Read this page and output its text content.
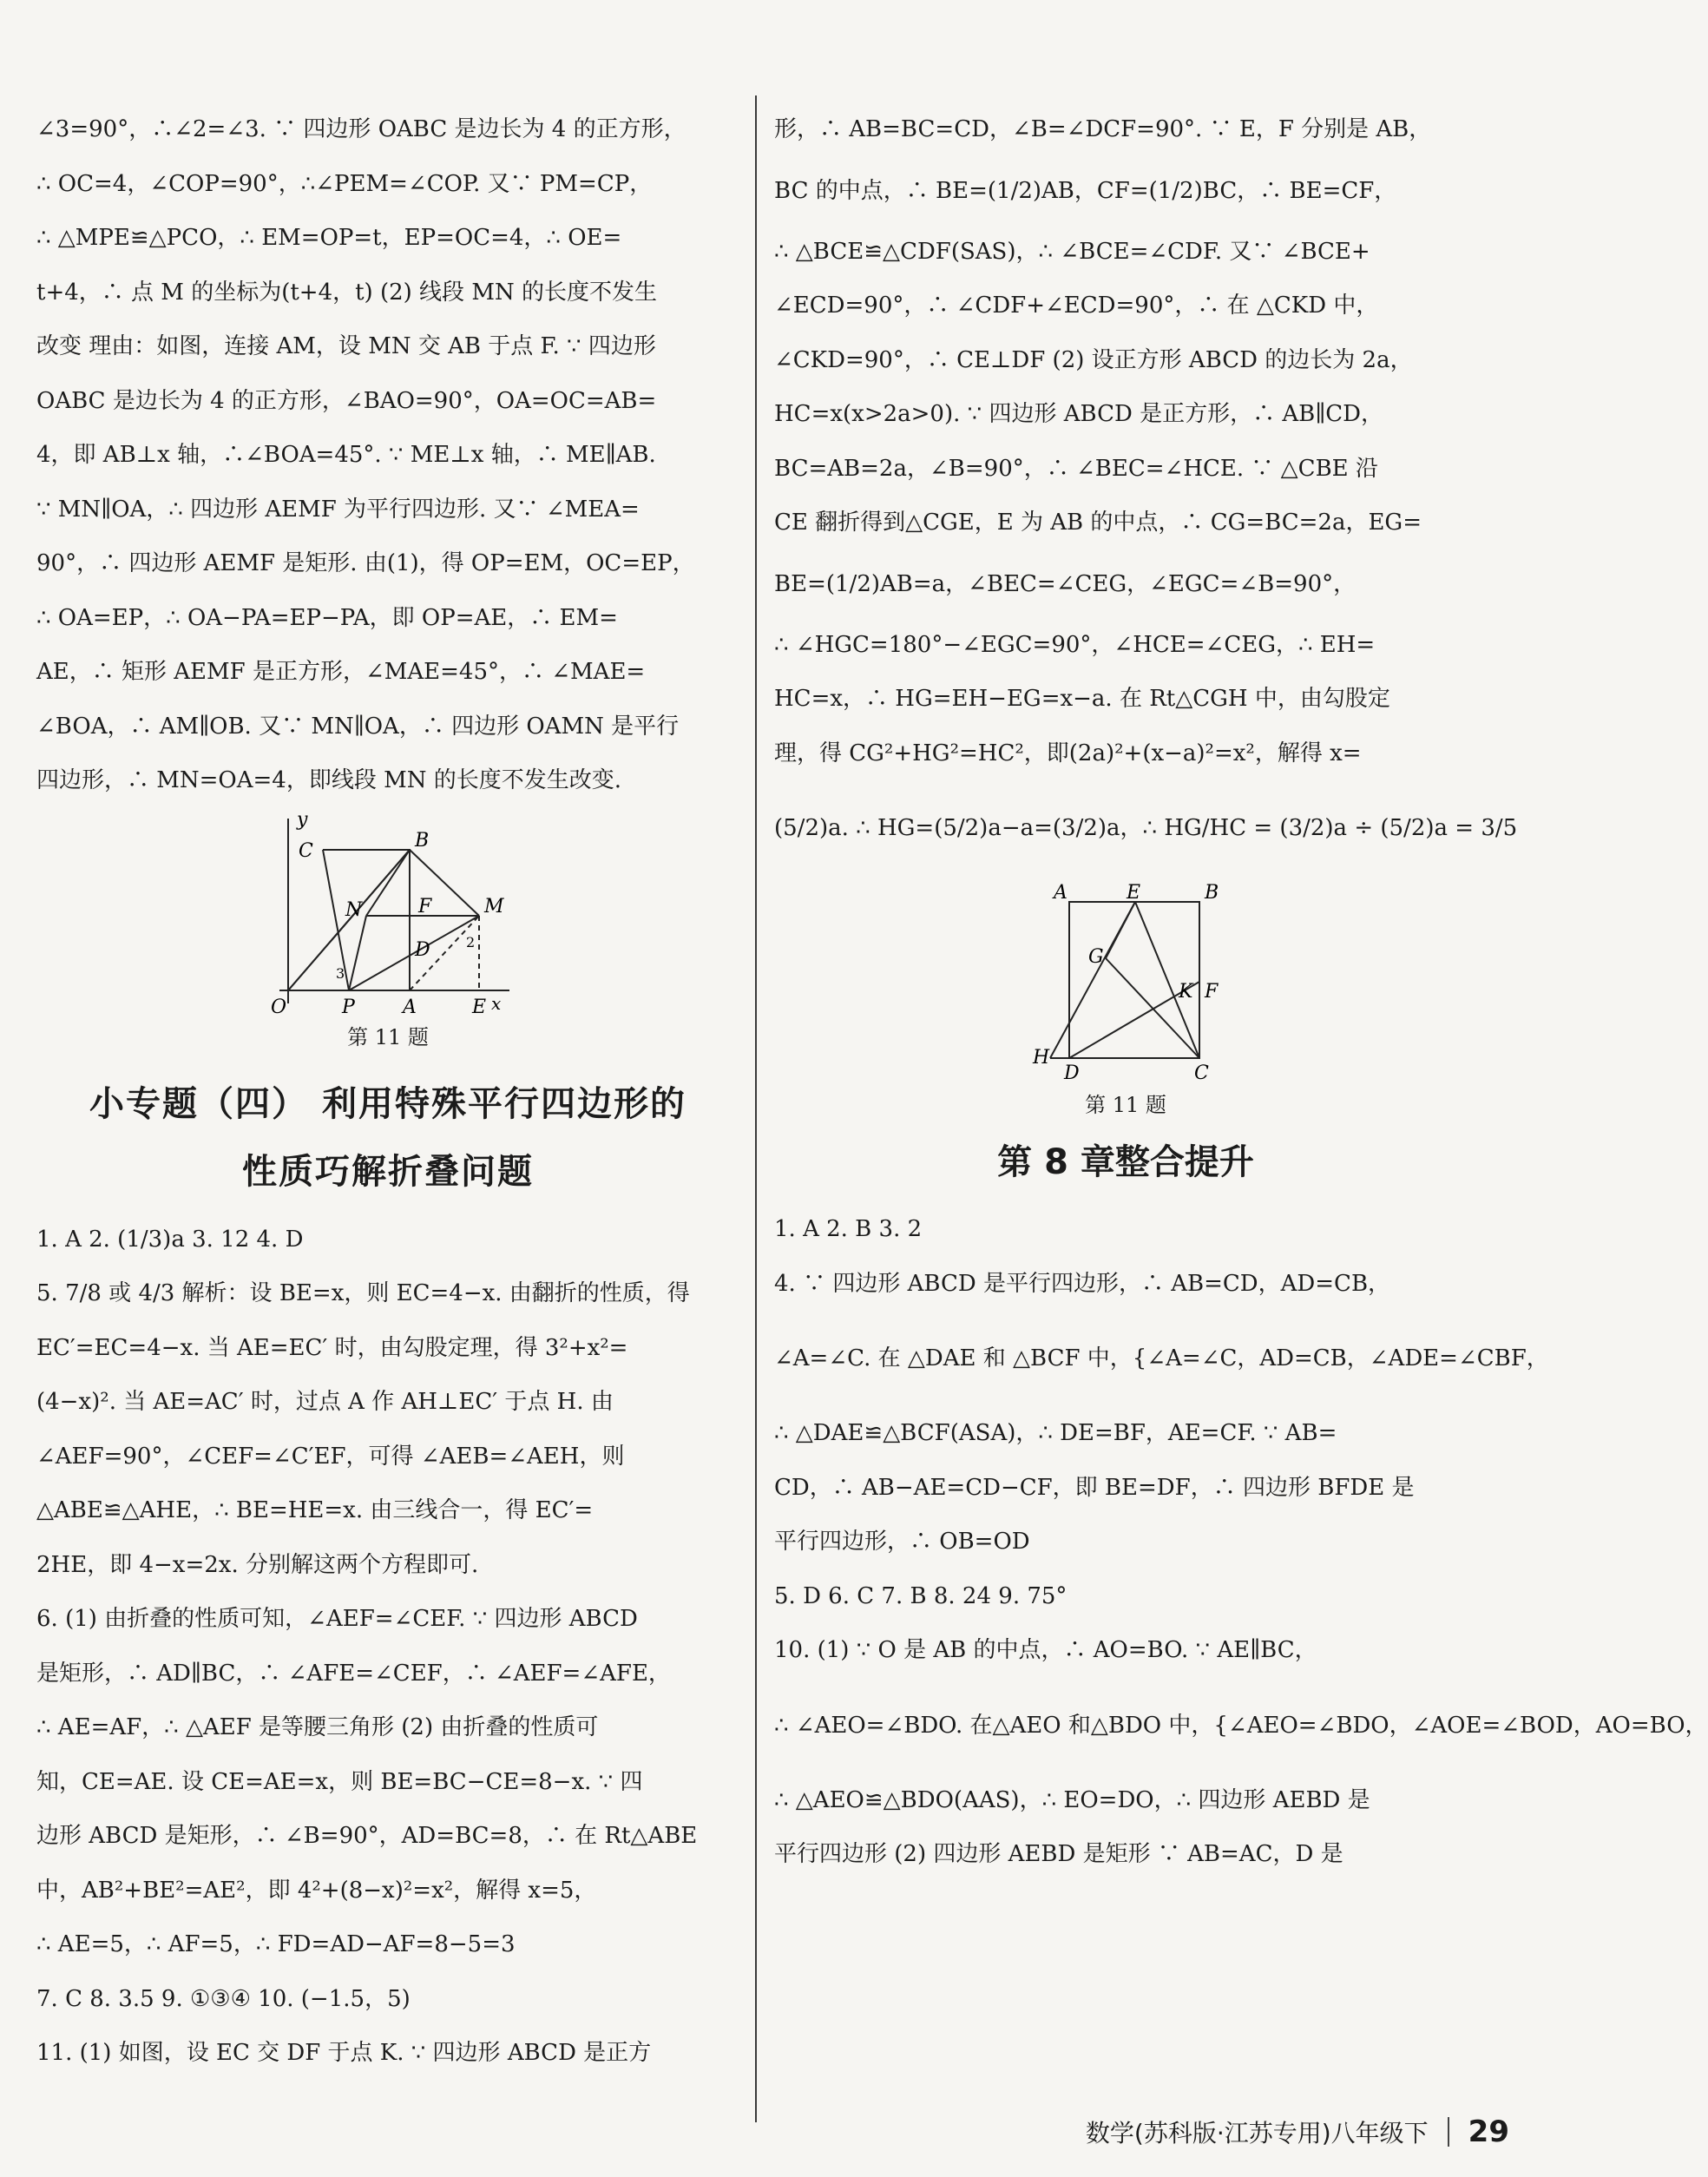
∠3=90°，∴∠2=∠3. ∵ 四边形 OABC 是边长为 4 的正方形，

∴ OC=4，∠COP=90°，∴∠PEM=∠COP. 又∵ PM=CP，

∴ △MPE≌△PCO，∴ EM=OP=t，EP=OC=4，∴ OE=

t+4，∴ 点 M 的坐标为(t+4，t) (2) 线段 MN 的长度不发生

改变 理由：如图，连接 AM，设 MN 交 AB 于点 F. ∵ 四边形

OABC 是边长为 4 的正方形，∠BAO=90°，OA=OC=AB=

4，即 AB⊥x 轴，∴∠BOA=45°. ∵ ME⊥x 轴，∴ ME∥AB.

∵ MN∥OA，∴ 四边形 AEMF 为平行四边形. 又∵ ∠MEA=

90°，∴ 四边形 AEMF 是矩形. 由(1)，得 OP=EM，OC=EP，

∴ OA=EP，∴ OA−PA=EP−PA，即 OP=AE，∴ EM=

AE，∴ 矩形 AEMF 是正方形，∠MAE=45°，∴ ∠MAE=

∠BOA，∴ AM∥OB. 又∵ MN∥OA，∴ 四边形 OAMN 是平行

四边形，∴ MN=OA=4，即线段 MN 的长度不发生改变.

y
C	B
N	F	M
D	2
3
O	P	A	E x
第 11 题
小专题（四） 利用特殊平行四边形的
性质巧解折叠问题

1. A 2. (1/3)a 3. 12 4. D

5. 7/8 或 4/3 解析：设 BE=x，则 EC=4−x. 由翻折的性质，得

EC′=EC=4−x. 当 AE=EC′ 时，由勾股定理，得 3²+x²=

(4−x)². 当 AE=AC′ 时，过点 A 作 AH⊥EC′ 于点 H. 由

∠AEF=90°，∠CEF=∠C′EF，可得 ∠AEB=∠AEH，则

△ABE≌△AHE，∴ BE=HE=x. 由三线合一，得 EC′=

2HE，即 4−x=2x. 分别解这两个方程即可.

6. (1) 由折叠的性质可知，∠AEF=∠CEF. ∵ 四边形 ABCD

是矩形，∴ AD∥BC，∴ ∠AFE=∠CEF，∴ ∠AEF=∠AFE，

∴ AE=AF，∴ △AEF 是等腰三角形 (2) 由折叠的性质可

知，CE=AE. 设 CE=AE=x，则 BE=BC−CE=8−x. ∵ 四

边形 ABCD 是矩形，∴ ∠B=90°，AD=BC=8，∴ 在 Rt△ABE

中，AB²+BE²=AE²，即 4²+(8−x)²=x²，解得 x=5，

∴ AE=5，∴ AF=5，∴ FD=AD−AF=8−5=3

7. C 8. 3.5 9. ①③④ 10. (−1.5，5)

11. (1) 如图，设 EC 交 DF 于点 K. ∵ 四边形 ABCD 是正方

形，∴ AB=BC=CD，∠B=∠DCF=90°. ∵ E，F 分别是 AB，

BC 的中点，∴ BE=(1/2)AB，CF=(1/2)BC，∴ BE=CF，

∴ △BCE≌△CDF(SAS)，∴ ∠BCE=∠CDF. 又∵ ∠BCE+

∠ECD=90°，∴ ∠CDF+∠ECD=90°，∴ 在 △CKD 中，

∠CKD=90°，∴ CE⊥DF (2) 设正方形 ABCD 的边长为 2a，

HC=x(x>2a>0). ∵ 四边形 ABCD 是正方形，∴ AB∥CD，

BC=AB=2a，∠B=90°，∴ ∠BEC=∠HCE. ∵ △CBE 沿

CE 翻折得到△CGE，E 为 AB 的中点，∴ CG=BC=2a，EG=

BE=(1/2)AB=a，∠BEC=∠CEG，∠EGC=∠B=90°，

∴ ∠HGC=180°−∠EGC=90°，∠HCE=∠CEG，∴ EH=

HC=x，∴ HG=EH−EG=x−a. 在 Rt△CGH 中，由勾股定

理，得 CG²+HG²=HC²，即(2a)²+(x−a)²=x²，解得 x=

(5/2)a. ∴ HG=(5/2)a−a=(3/2)a，∴ HG/HC = (3/2)a ÷ (5/2)a = 3/5

A	E	B
G
K F
H
D	C
第 11 题
第 8 章整合提升

1. A 2. B 3. 2

4. ∵ 四边形 ABCD 是平行四边形，∴ AB=CD，AD=CB，

∠A=∠C. 在 △DAE 和 △BCF 中，{∠A=∠C，AD=CB，∠ADE=∠CBF，

∴ △DAE≌△BCF(ASA)，∴ DE=BF，AE=CF. ∵ AB=

CD，∴ AB−AE=CD−CF，即 BE=DF，∴ 四边形 BFDE 是

平行四边形，∴ OB=OD

5. D 6. C 7. B 8. 24 9. 75°

10. (1) ∵ O 是 AB 的中点，∴ AO=BO. ∵ AE∥BC，

∴ ∠AEO=∠BDO. 在△AEO 和△BDO 中，{∠AEO=∠BDO，∠AOE=∠BOD，AO=BO，

∴ △AEO≌△BDO(AAS)，∴ EO=DO，∴ 四边形 AEBD 是

平行四边形 (2) 四边形 AEBD 是矩形 ∵ AB=AC，D 是

数学(苏科版·江苏专用)八年级下 29
